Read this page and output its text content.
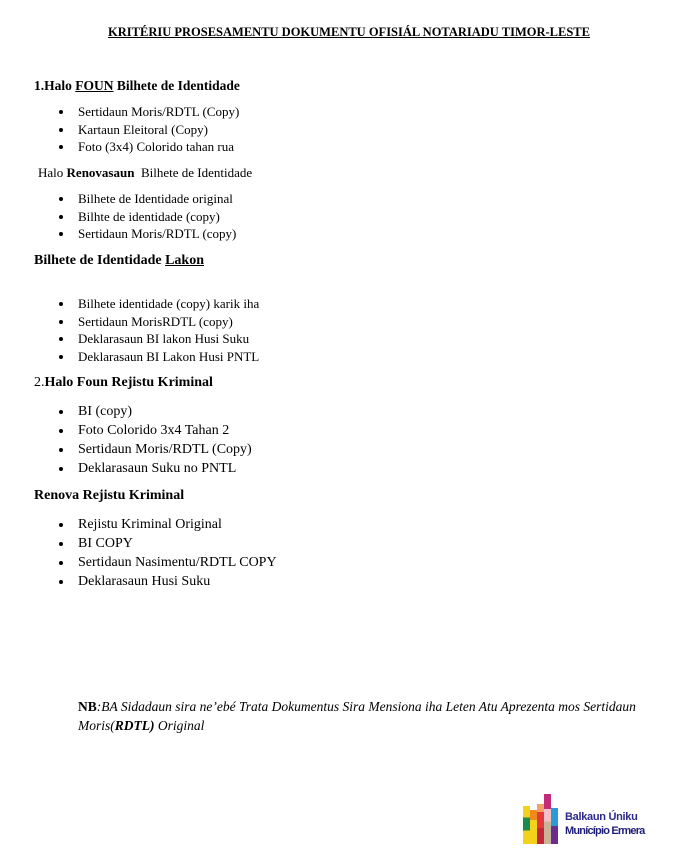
KRITÉRIU PROSESAMENTU DOKUMENTU OFISIÁL NOTARIADU TIMOR-LESTE
1.Halo FOUN Bilhete de Identidade
Sertidaun Moris/RDTL (Copy)
Kartaun Eleitoral (Copy)
Foto (3x4) Colorido tahan rua
Halo Renovasaun  Bilhete de Identidade
Bilhete de Identidade original
Bilhte de identidade (copy)
Sertidaun Moris/RDTL (copy)
Bilhete de Identidade Lakon
Bilhete identidade (copy) karik iha
Sertidaun MorisRDTL (copy)
Deklarasaun BI lakon Husi Suku
Deklarasaun BI Lakon Husi PNTL
2.Halo Foun Rejistu Kriminal
BI (copy)
Foto Colorido 3x4 Tahan 2
Sertidaun Moris/RDTL (Copy)
Deklarasaun Suku no PNTL
Renova Rejistu Kriminal
Rejistu Kriminal Original
BI COPY
Sertidaun Nasimentu/RDTL COPY
Deklarasaun Husi Suku
NB:BA Sidadaun sira ne’ebé Trata Dokumentus Sira Mensiona iha Leten Atu Aprezenta mos Sertidaun Moris(RDTL) Original
Balkaun Úniku
Munícípio Ermera
